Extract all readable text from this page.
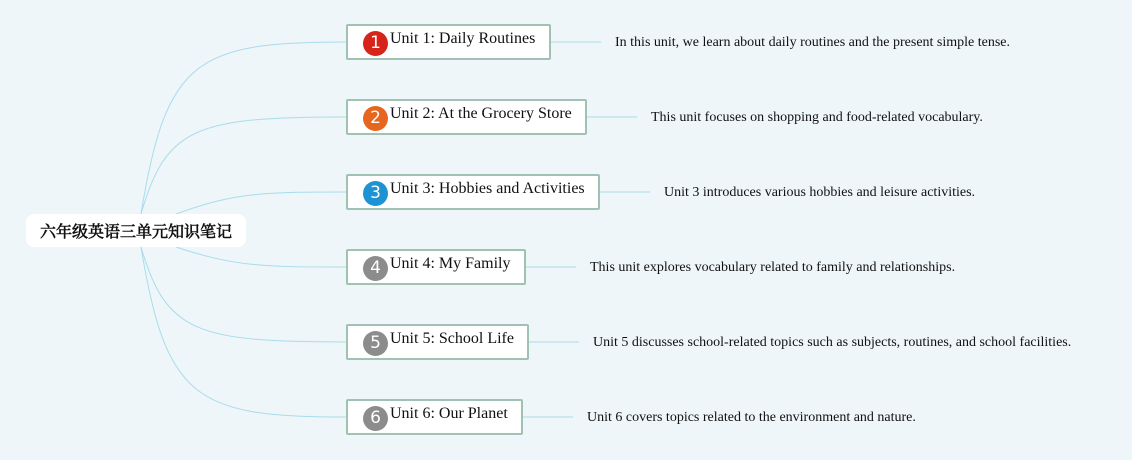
六年级英语三单元知识笔记
1 Unit 1: Daily Routines	In this unit, we learn about daily routines and the present simple tense.
2 Unit 2: At the Grocery Store	This unit focuses on shopping and food-related vocabulary.
3 Unit 3: Hobbies and Activities	Unit 3 introduces various hobbies and leisure activities.
4 Unit 4: My Family	This unit explores vocabulary related to family and relationships.
5 Unit 5: School Life	Unit 5 discusses school-related topics such as subjects, routines, and school facilities.
6 Unit 6: Our Planet	Unit 6 covers topics related to the environment and nature.
